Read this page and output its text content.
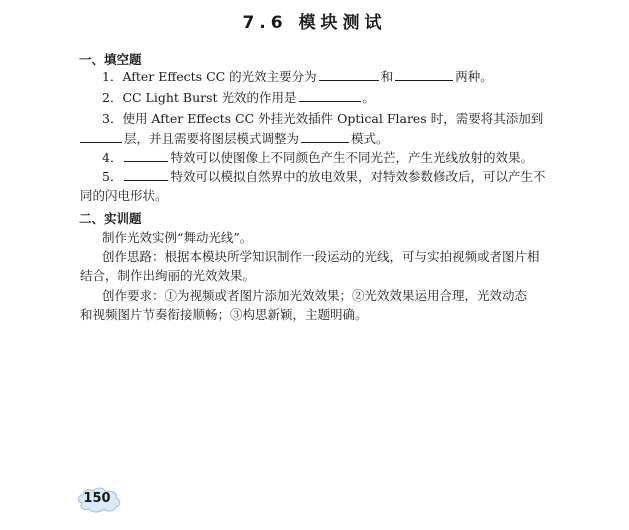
7.6 模块测试
一、填空题
1．After Effects CC 的光效主要分为	和	两种。
2．CC Light Burst 光效的作用是	。
3．使用 After Effects CC 外挂光效插件 Optical Flares 时，需要将其添加到
层，并且需要将图层模式调整为	模式。
4．	特效可以使图像上不同颜色产生不同光芒，产生光线放射的效果。
5．	特效可以模拟自然界中的放电效果，对特效参数修改后，可以产生不
同的闪电形状。
二、实训题
制作光效实例“舞动光线”。
创作思路：根据本模块所学知识制作一段运动的光线，可与实拍视频或者图片相
结合，制作出绚丽的光效效果。
创作要求：①为视频或者图片添加光效效果；②光效效果运用合理，光效动态
和视频图片节奏衔接顺畅；③构思新颖，主题明确。
150
